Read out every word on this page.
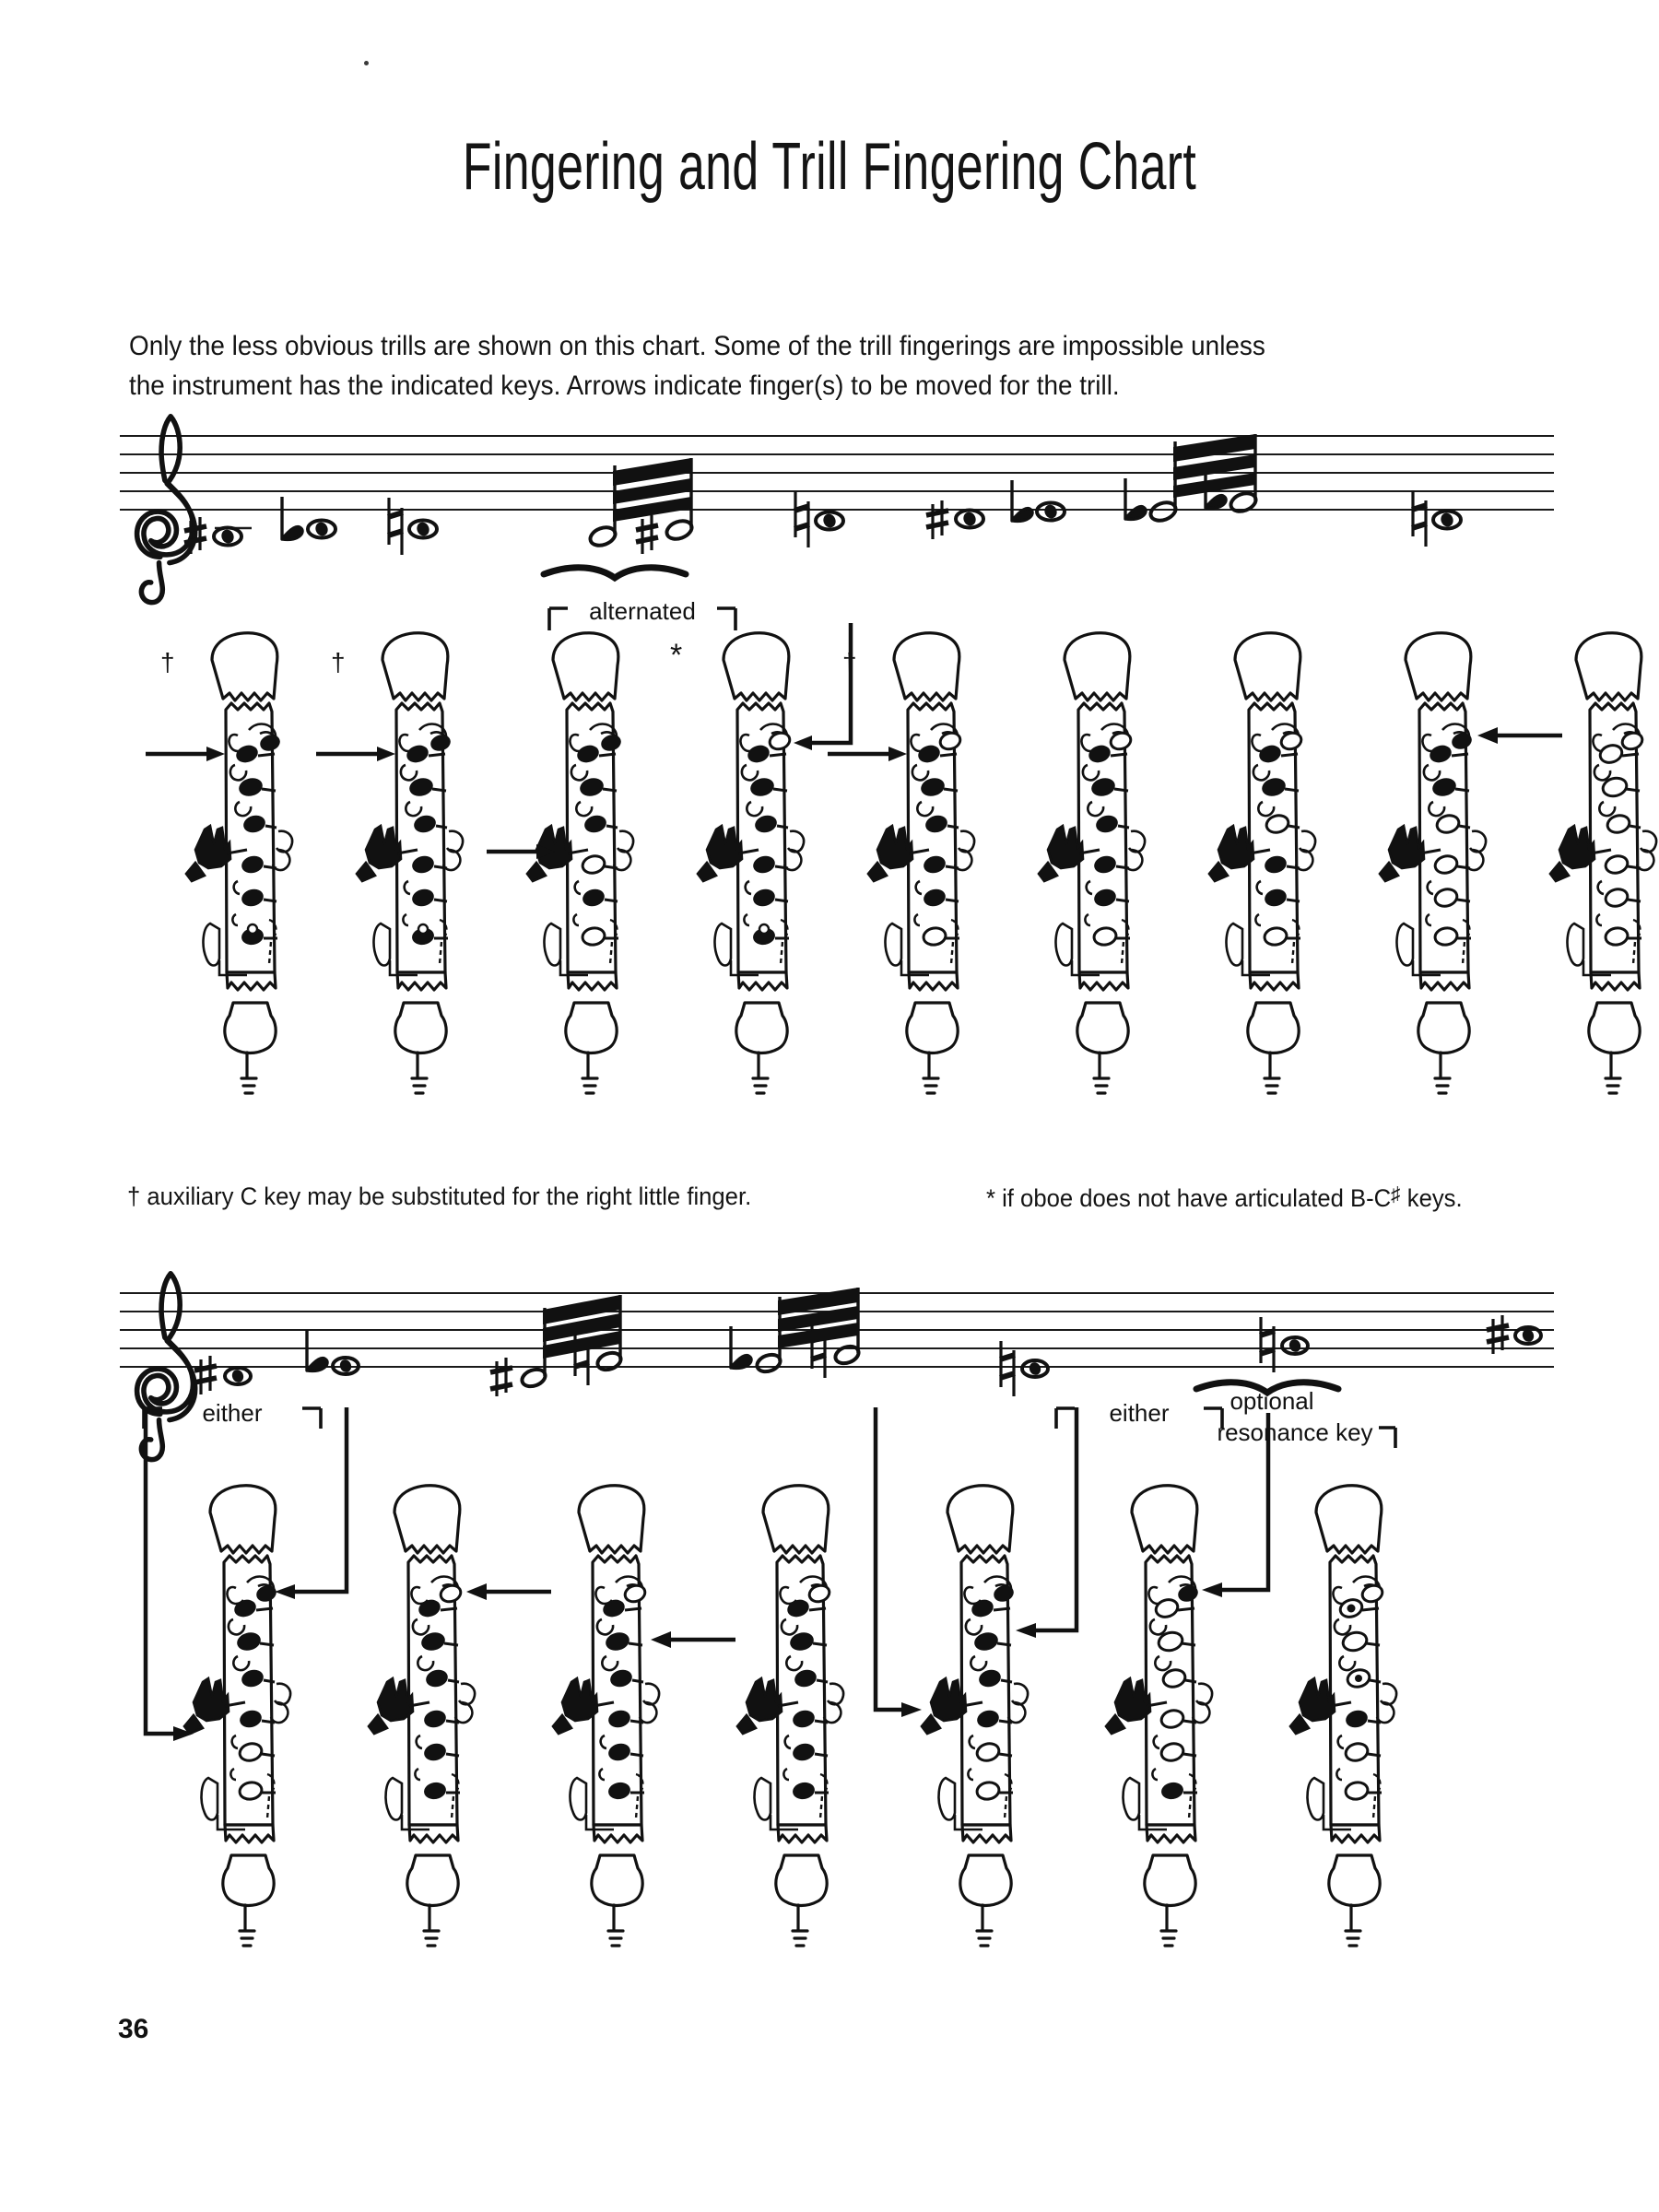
Fingering and Trill Fingering Chart
Only the less obvious trills are shown on this chart. Some of the trill fingerings are impossible unless
the instrument has the indicated keys. Arrows indicate finger(s) to be moved for the trill.
alternated
†	†	*	†
† auxiliary C key may be substituted for the right little finger.	* if oboe does not have articulated B-C♯ keys.
either	either	optional
resonance key
36
